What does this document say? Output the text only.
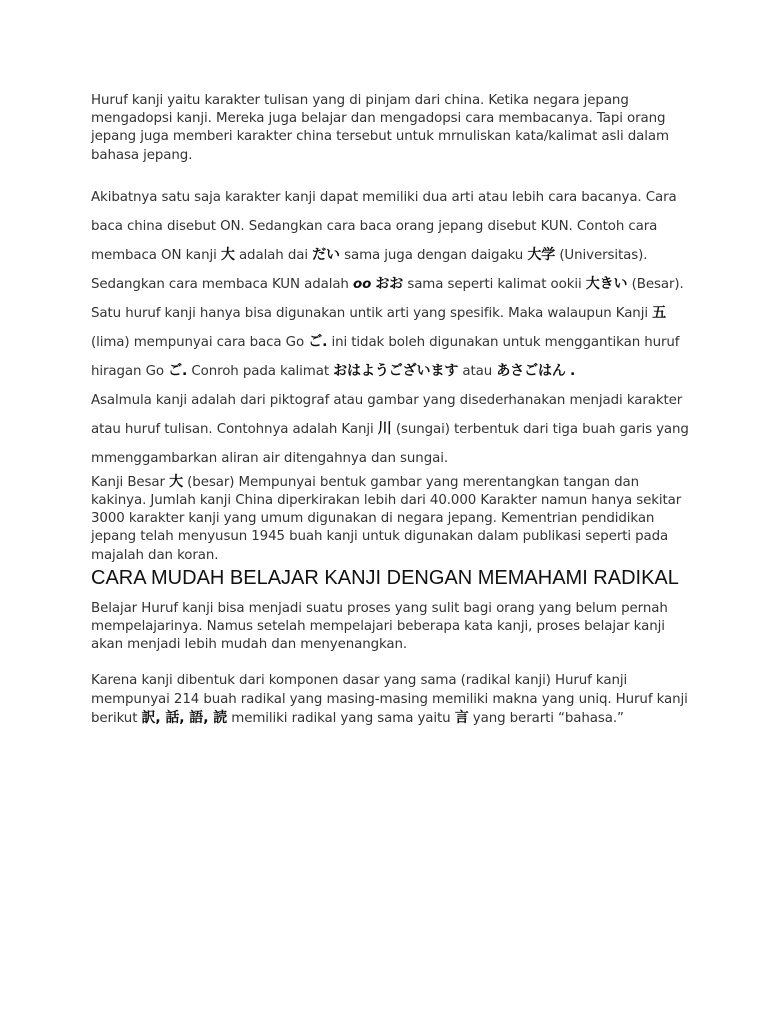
Huruf kanji yaitu karakter tulisan yang di pinjam dari china. Ketika negara jepang mengadopsi kanji. Mereka juga belajar dan mengadopsi cara membacanya. Tapi orang jepang juga memberi karakter china tersebut untuk mrnuliskan kata/kalimat asli dalam bahasa jepang.

Akibatnya satu saja karakter kanji dapat memiliki dua arti atau lebih cara bacanya. Cara baca china disebut ON. Sedangkan cara baca orang jepang disebut KUN. Contoh cara membaca ON kanji 大 adalah dai だい sama juga dengan daigaku 大学 (Universitas). Sedangkan cara membaca KUN adalah oo おお sama seperti kalimat ookii 大きい (Besar).

Satu huruf kanji hanya bisa digunakan untik arti yang spesifik. Maka walaupun Kanji 五 (lima) mempunyai cara baca Go ご. ini tidak boleh digunakan untuk menggantikan huruf hiragan Go ご. Conroh pada kalimat おはようございます atau あさごはん .

Asalmula kanji adalah dari piktograf atau gambar yang disederhanakan menjadi karakter atau huruf tulisan. Contohnya adalah Kanji 川 (sungai) terbentuk dari tiga buah garis yang mmenggambarkan aliran air ditengahnya dan sungai.

Kanji Besar 大 (besar) Mempunyai bentuk gambar yang merentangkan tangan dan kakinya. Jumlah kanji China diperkirakan lebih dari 40.000 Karakter namun hanya sekitar 3000 karakter kanji yang umum digunakan di negara jepang. Kementrian pendidikan jepang telah menyusun 1945 buah kanji untuk digunakan dalam publikasi seperti pada majalah dan koran.

CARA MUDAH BELAJAR KANJI DENGAN MEMAHAMI RADIKAL

Belajar Huruf kanji bisa menjadi suatu proses yang sulit bagi orang yang belum pernah mempelajarinya. Namus setelah mempelajari beberapa kata kanji, proses belajar kanji akan menjadi lebih mudah dan menyenangkan.

Karena kanji dibentuk dari komponen dasar yang sama (radikal kanji) Huruf kanji mempunyai 214 buah radikal yang masing-masing memiliki makna yang uniq. Huruf kanji berikut 訳, 話, 語, 読 memiliki radikal yang sama yaitu 言 yang berarti “bahasa.”
